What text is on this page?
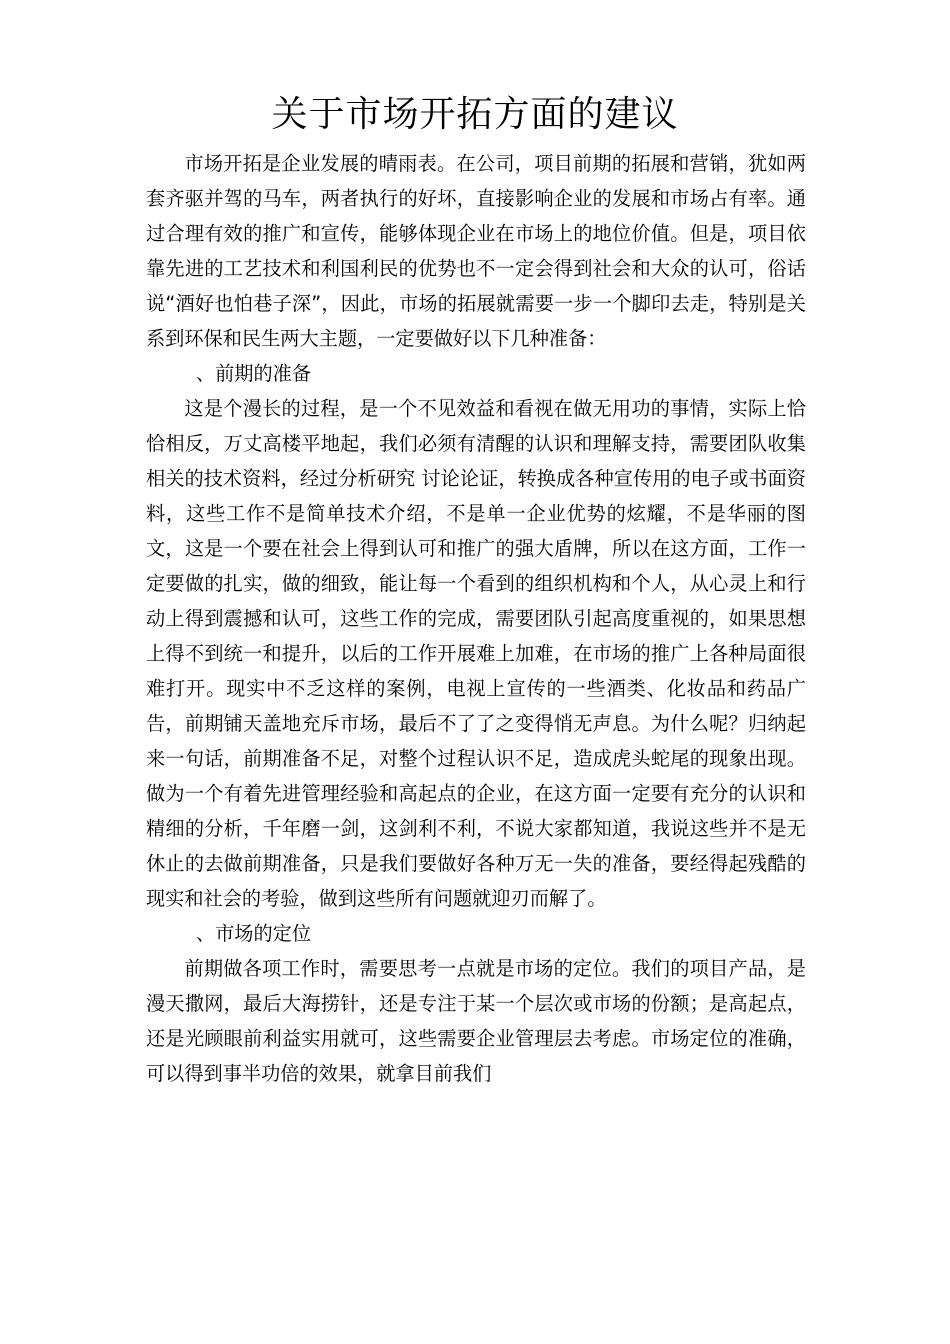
关于市场开拓方面的建议

市场开拓是企业发展的晴雨表。在公司，项目前期的拓展和营销，犹如两套齐驱并驾的马车，两者执行的好坏，直接影响企业的发展和市场占有率。通过合理有效的推广和宣传，能够体现企业在市场上的地位价值。但是，项目依靠先进的工艺技术和利国利民的优势也不一定会得到社会和大众的认可，俗话说“酒好也怕巷子深”，因此，市场的拓展就需要一步一个脚印去走，特别是关系到环保和民生两大主题，一定要做好以下几种准备：

、前期的准备

这是个漫长的过程，是一个不见效益和看视在做无用功的事情，实际上恰恰相反，万丈高楼平地起，我们必须有清醒的认识和理解支持，需要团队收集相关的技术资料，经过分析研究 讨论论证，转换成各种宣传用的电子或书面资料，这些工作不是简单技术介绍，不是单一企业优势的炫耀，不是华丽的图文，这是一个要在社会上得到认可和推广的强大盾牌，所以在这方面，工作一定要做的扎实，做的细致，能让每一个看到的组织机构和个人，从心灵上和行动上得到震撼和认可，这些工作的完成，需要团队引起高度重视的，如果思想上得不到统一和提升，以后的工作开展难上加难，在市场的推广上各种局面很难打开。现实中不乏这样的案例，电视上宣传的一些酒类、化妆品和药品广告，前期铺天盖地充斥市场，最后不了了之变得悄无声息。为什么呢？归纳起来一句话，前期准备不足，对整个过程认识不足，造成虎头蛇尾的现象出现。做为一个有着先进管理经验和高起点的企业，在这方面一定要有充分的认识和精细的分析，千年磨一剑，这剑利不利，不说大家都知道，我说这些并不是无休止的去做前期准备，只是我们要做好各种万无一失的准备，要经得起残酷的现实和社会的考验，做到这些所有问题就迎刃而解了。

、市场的定位

前期做各项工作时，需要思考一点就是市场的定位。我们的项目产品，是漫天撒网，最后大海捞针，还是专注于某一个层次或市场的份额；是高起点，还是光顾眼前利益实用就可，这些需要企业管理层去考虑。市场定位的准确，可以得到事半功倍的效果，就拿目前我们
